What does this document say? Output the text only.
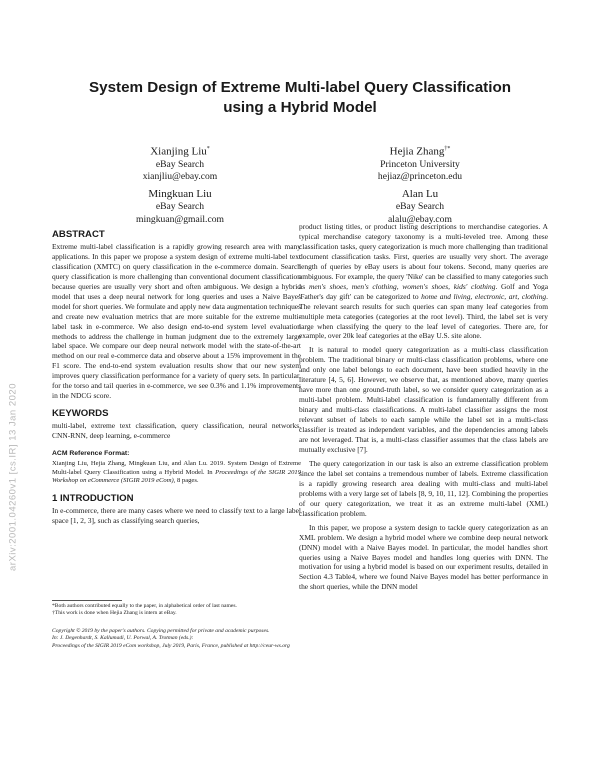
System Design of Extreme Multi-label Query Classification
using a Hybrid Model
Xianjing Liu*
eBay Search
xianjliu@ebay.com
Hejia Zhang†*
Princeton University
hejiaz@princeton.edu
Mingkuan Liu
eBay Search
mingkuan@gmail.com
Alan Lu
eBay Search
alalu@ebay.com
arXiv:2001.04260v1 [cs.IR] 13 Jan 2020
ABSTRACT

Extreme multi-label classification is a rapidly growing research area with many applications. In this paper we propose a system design of extreme multi-label text classification (XMTC) on query classification in the e-commerce domain. Search query classification is more challenging than conventional document classification because queries are usually very short and often ambiguous. We design a hybrid model that uses a deep neural network for long queries and uses a Naive Bayes model for short queries. We formulate and apply new data augmentation techniques and create new evaluation metrics that are more suitable for the extreme multi-label task in e-commerce. We also design end-to-end system level evaluation methods to address the challenge in human judgment due to the extremely large label space. We compare our deep neural network model with the state-of-the-art method on our real e-commerce data and observe about a 15% improvement in the F1 score. The end-to-end system evaluation results show that our new system improves query classification performance for a variety of query sets. In particular, for the torso and tail queries in e-commerce, we see 0.3% and 1.1% improvements in the NDCG score.

KEYWORDS

multi-label, extreme text classification, query classification, neural networks, CNN-RNN, deep learning, e-commerce

ACM Reference Format:

Xianjing Liu, Hejia Zhang, Mingkuan Liu, and Alan Lu. 2019. System Design of Extreme Multi-label Query Classification using a Hybrid Model. In Proceedings of the SIGIR 2019 Workshop on eCommerce (SIGIR 2019 eCom), 8 pages.

1 INTRODUCTION

In e-commerce, there are many cases where we need to classify text to a large label space [1, 2, 3], such as classifying search queries,

*Both authors contributed equally to the paper, in alphabetical order of last names.
†This work is done when Hejia Zhang is intern at eBay.
Copyright © 2019 by the paper's authors. Copying permitted for private and academic purposes.
In: J. Degenhardt, S. Kallumadi, U. Porwal, A. Trotman (eds.):
Proceedings of the SIGIR 2019 eCom workshop, July 2019, Paris, France, published at http://ceur-ws.org

product listing titles, or product listing descriptions to merchandise categories. A typical merchandise category taxonomy is a multi-leveled tree. Among these classification tasks, query categorization is much more challenging than traditional document classification tasks. First, queries are usually very short. The average length of queries by eBay users is about four tokens. Second, many queries are ambiguous. For example, the query 'Nike' can be classified to many categories such as men's shoes, men's clothing, women's shoes, kids' clothing. Golf and Yoga 'Father's day gift' can be categorized to home and living, electronic, art, clothing. The relevant search results for such queries can span many leaf categories from multiple meta categories (categories at the root level). Third, the label set is very large when classifying the query to the leaf level of categories. There are, for example, over 20k leaf categories at the eBay U.S. site alone.

It is natural to model query categorization as a multi-class classification problem. The traditional binary or multi-class classification problems, where one and only one label belongs to each document, have been studied heavily in the literature [4, 5, 6]. However, we observe that, as mentioned above, many queries have more than one ground-truth label, so we consider query categorization as a multi-label problem. Multi-label classification is fundamentally different from binary and multi-class classifications. A multi-label classifier assigns the most relevant subset of labels to each sample while the label set in a multi-class classifier is treated as independent variables, and the dependencies among labels are not leveraged. That is, a multi-class classifier assumes that the class labels are mutually exclusive [7].

The query categorization in our task is also an extreme classification problem since the label set contains a tremendous number of labels. Extreme classification is a rapidly growing research area dealing with multi-class and multi-label problems with a very large set of labels [8, 9, 10, 11, 12]. Combining the properties of our query categorization, we treat it as an extreme multi-label (XML) classification problem.

In this paper, we propose a system design to tackle query categorization as an XML problem. We design a hybrid model where we combine deep neural network (DNN) model with a Naive Bayes model. In particular, the model handles short queries using a Naive Bayes model and handles long queries with DNN. The motivation for using a hybrid model is based on our experiment results, detailed in Section 4.3 Table4, where we found Naive Bayes model has better performance in the short queries, while the DNN model
